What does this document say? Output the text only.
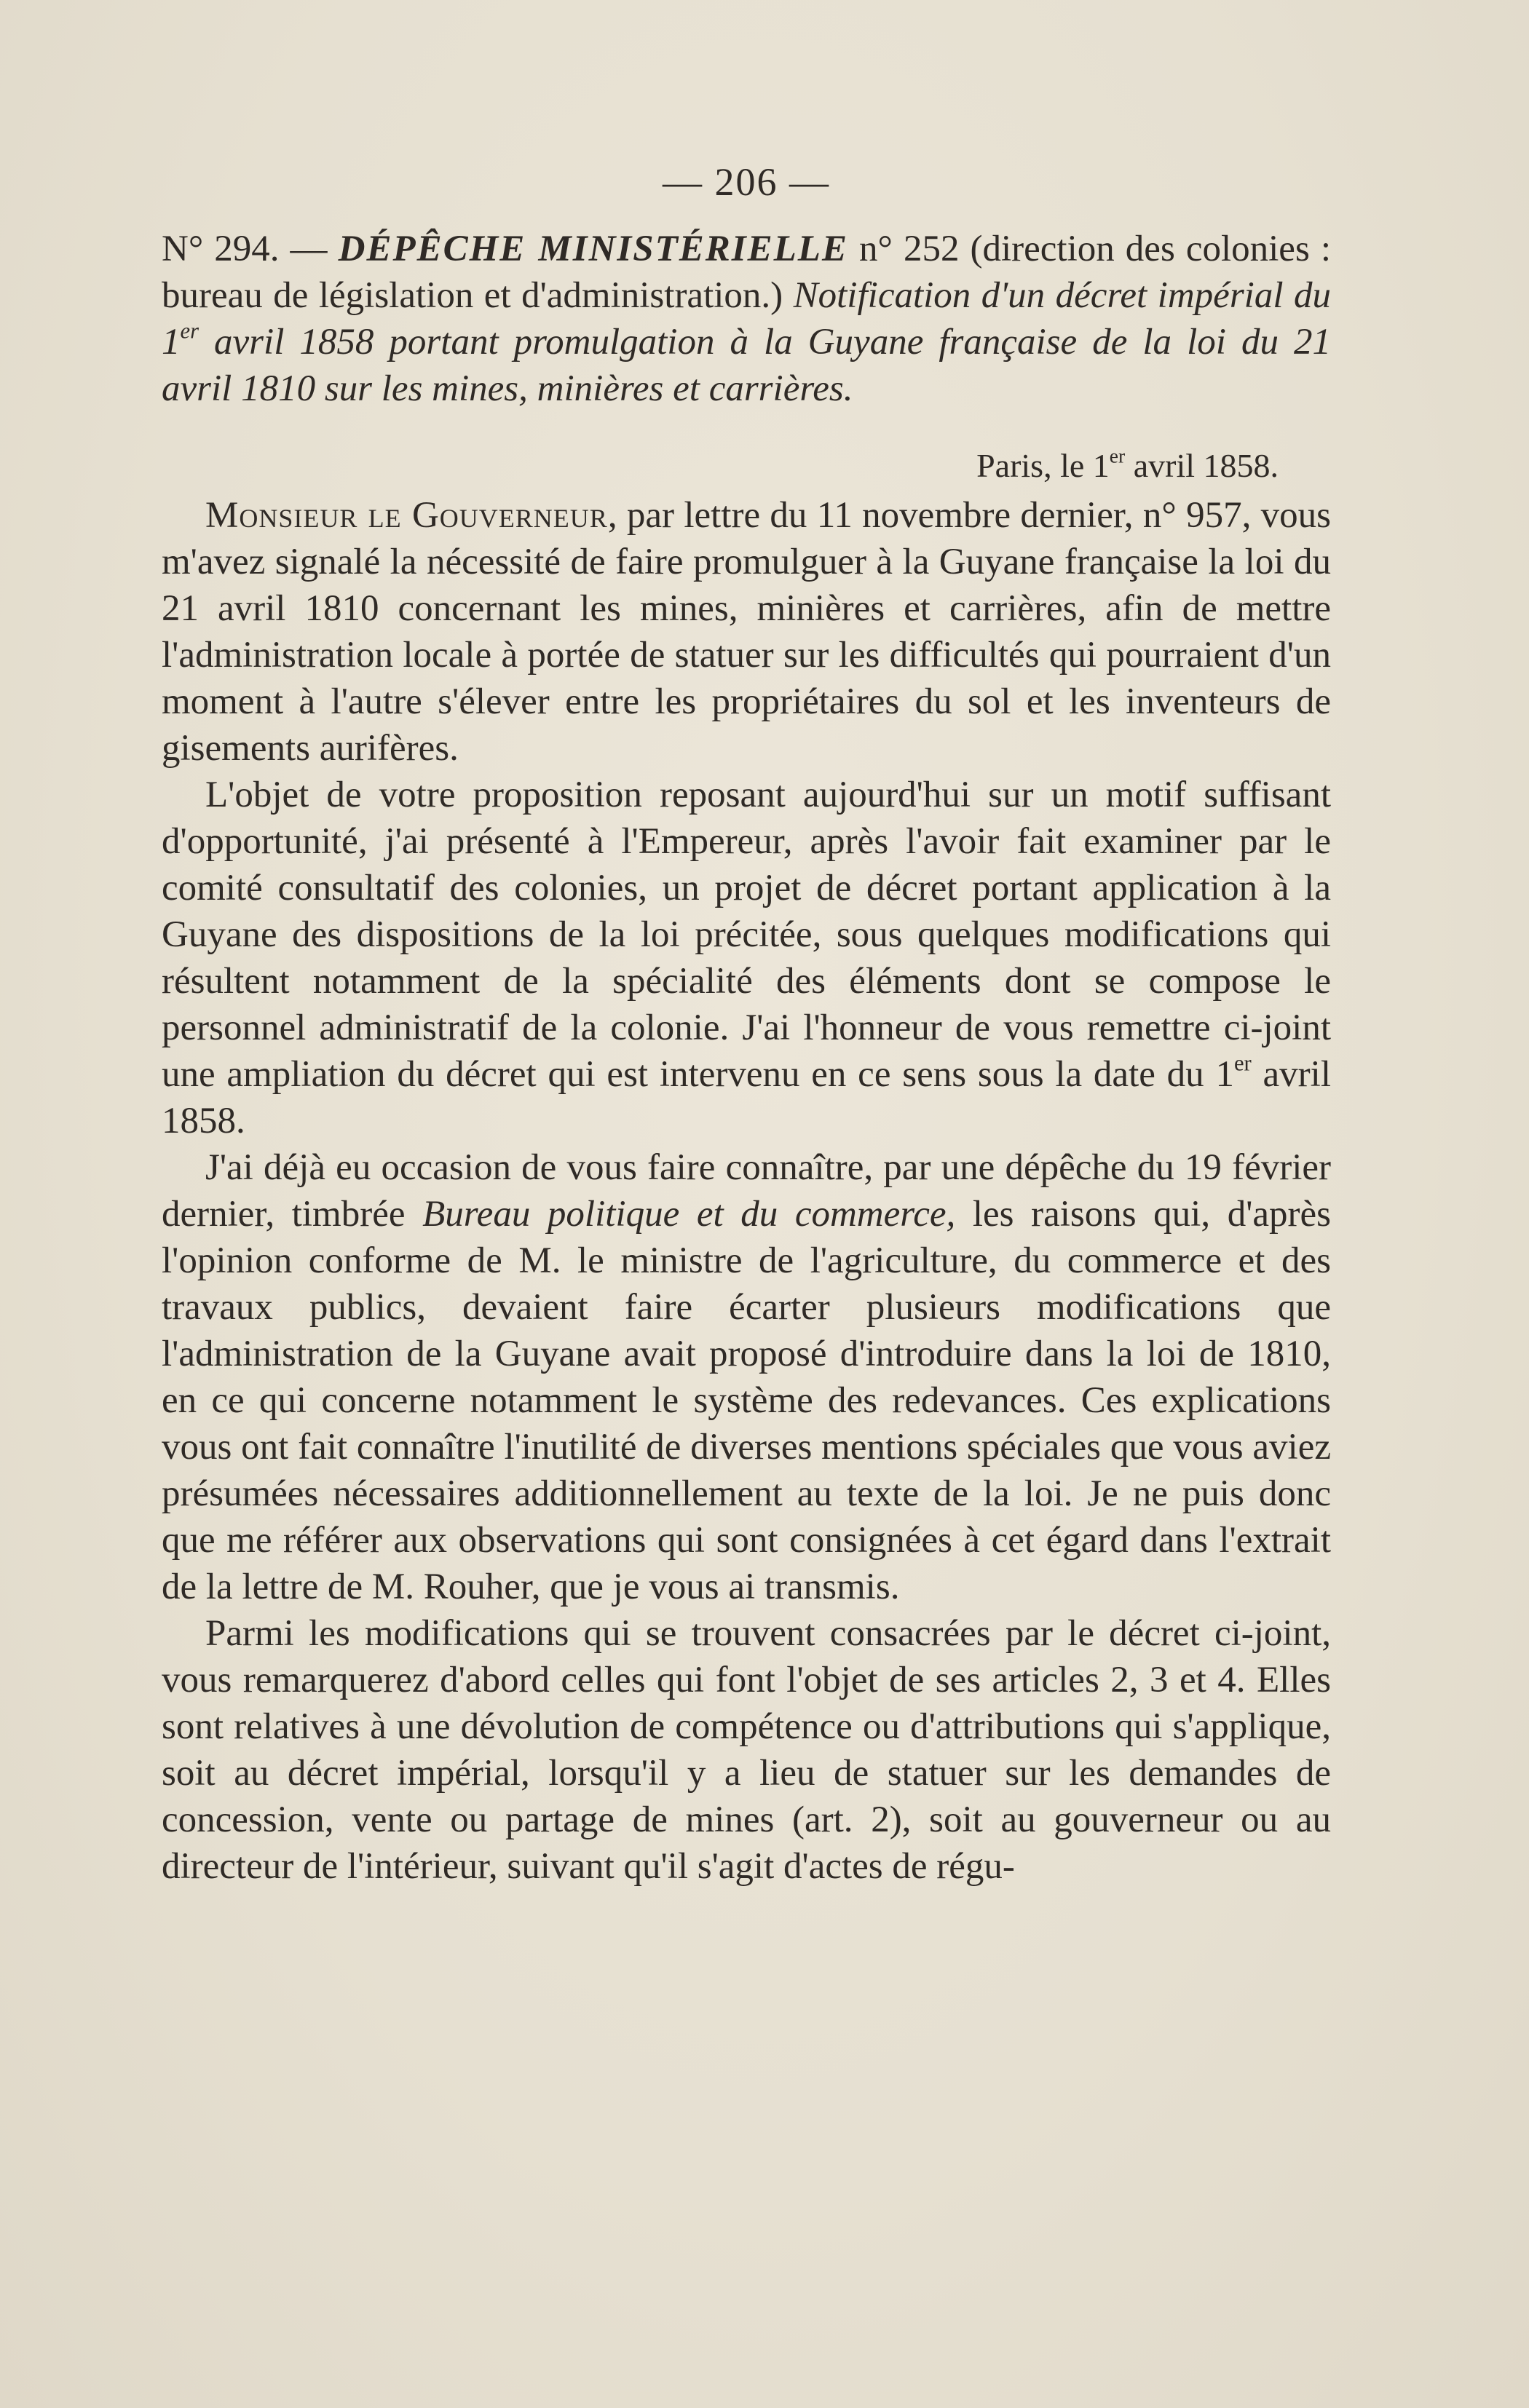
— 206 —

N° 294. — DÉPÊCHE MINISTÉRIELLE n° 252 (direction des colonies : bureau de législation et d'administration.) Notification d'un décret impérial du 1er avril 1858 portant promulgation à la Guyane française de la loi du 21 avril 1810 sur les mines, minières et carrières.

Paris, le 1er avril 1858.

Monsieur le Gouverneur, par lettre du 11 novembre dernier, n° 957, vous m'avez signalé la nécessité de faire promulguer à la Guyane française la loi du 21 avril 1810 concernant les mines, minières et carrières, afin de mettre l'administration locale à portée de statuer sur les difficultés qui pourraient d'un moment à l'autre s'élever entre les propriétaires du sol et les inventeurs de gisements aurifères.

L'objet de votre proposition reposant aujourd'hui sur un motif suffisant d'opportunité, j'ai présenté à l'Empereur, après l'avoir fait examiner par le comité consultatif des colonies, un projet de décret portant application à la Guyane des dispositions de la loi précitée, sous quelques modifications qui résultent notamment de la spécialité des éléments dont se compose le personnel administratif de la colonie. J'ai l'honneur de vous remettre ci-joint une ampliation du décret qui est intervenu en ce sens sous la date du 1er avril 1858.

J'ai déjà eu occasion de vous faire connaître, par une dépêche du 19 février dernier, timbrée Bureau politique et du commerce, les raisons qui, d'après l'opinion conforme de M. le ministre de l'agriculture, du commerce et des travaux publics, devaient faire écarter plusieurs modifications que l'administration de la Guyane avait proposé d'introduire dans la loi de 1810, en ce qui concerne notamment le système des redevances. Ces explications vous ont fait connaître l'inutilité de diverses mentions spéciales que vous aviez présumées nécessaires additionnellement au texte de la loi. Je ne puis donc que me référer aux observations qui sont consignées à cet égard dans l'extrait de la lettre de M. Rouher, que je vous ai transmis.

Parmi les modifications qui se trouvent consacrées par le décret ci-joint, vous remarquerez d'abord celles qui font l'objet de ses articles 2, 3 et 4. Elles sont relatives à une dévolution de compétence ou d'attributions qui s'applique, soit au décret impérial, lorsqu'il y a lieu de statuer sur les demandes de concession, vente ou partage de mines (art. 2), soit au gouverneur ou au directeur de l'intérieur, suivant qu'il s'agit d'actes de régu-
